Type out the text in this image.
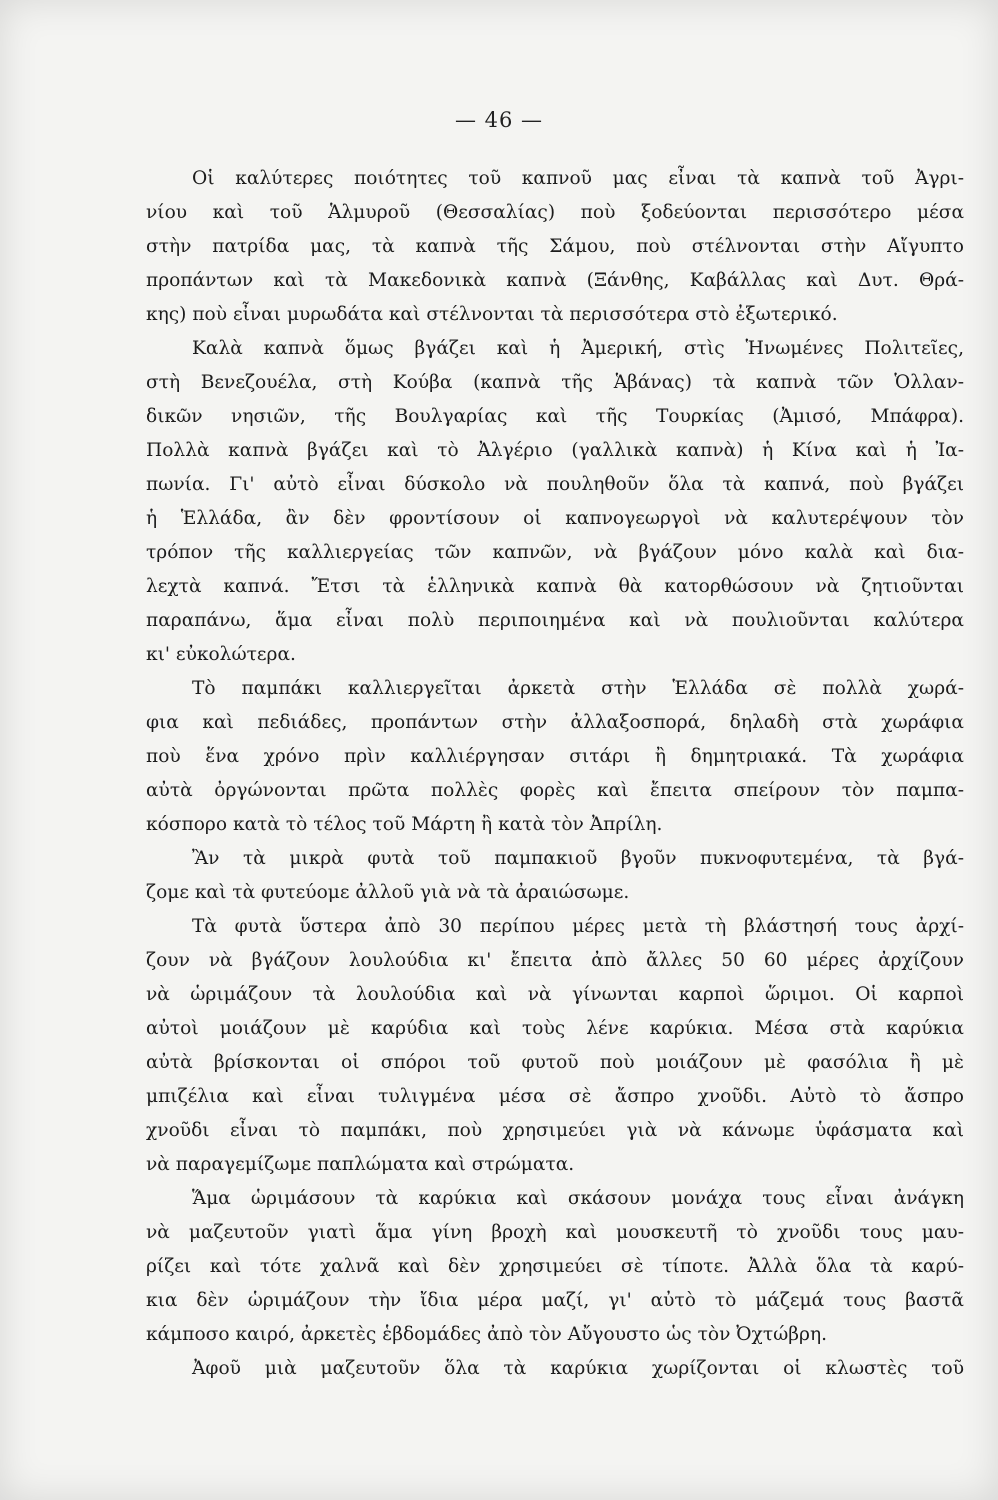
— 46 —
Οἱ καλύτερες ποιότητες τοῦ καπνοῦ μας εἶναι τὰ καπνὰ τοῦ Ἀγρι-
νίου καὶ τοῦ Ἁλμυροῦ (Θεσσαλίας) ποὺ ξοδεύονται περισσότερο μέσα
στὴν πατρίδα μας, τὰ καπνὰ τῆς Σάμου, ποὺ στέλνονται στὴν Αἴγυπτο
προπάντων καὶ τὰ Μακεδονικὰ καπνὰ (Ξάνθης, Καβάλλας καὶ Δυτ. Θρά-
κης) ποὺ εἶναι μυρωδάτα καὶ στέλνονται τὰ περισσότερα στὸ ἐξωτερικό.
Καλὰ καπνὰ ὅμως βγάζει καὶ ἡ Ἀμερική, στὶς Ἡνωμένες Πολιτεῖες,
στὴ Βενεζουέλα, στὴ Κούβα (καπνὰ τῆς Ἁβάνας) τὰ καπνὰ τῶν Ὁλλαν-
δικῶν νησιῶν, τῆς Βουλγαρίας καὶ τῆς Τουρκίας (Ἀμισό, Μπάφρα).
Πολλὰ καπνὰ βγάζει καὶ τὸ Ἀλγέριο (γαλλικὰ καπνὰ) ἡ Κίνα καὶ ἡ Ἰα-
πωνία. Γι' αὐτὸ εἶναι δύσκολο νὰ πουληθοῦν ὅλα τὰ καπνά, ποὺ βγάζει
ἡ Ἑλλάδα, ἂν δὲν φροντίσουν οἱ καπνογεωργοὶ νὰ καλυτερέψουν τὸν
τρόπον τῆς καλλιεργείας τῶν καπνῶν, νὰ βγάζουν μόνο καλὰ καὶ δια-
λεχτὰ καπνά. Ἔτσι τὰ ἑλληνικὰ καπνὰ θὰ κατορθώσουν νὰ ζητιοῦνται
παραπάνω, ἅμα εἶναι πολὺ περιποιημένα καὶ νὰ πουλιοῦνται καλύτερα
κι' εὐκολώτερα.
Τὸ παμπάκι καλλιεργεῖται ἀρκετὰ στὴν Ἑλλάδα σὲ πολλὰ χωρά-
φια καὶ πεδιάδες, προπάντων στὴν ἀλλαξοσπορά, δηλαδὴ στὰ χωράφια
ποὺ ἕνα χρόνο πρὶν καλλιέργησαν σιτάρι ἢ δημητριακά. Τὰ χωράφια
αὐτὰ ὀργώνονται πρῶτα πολλὲς φορὲς καὶ ἔπειτα σπείρουν τὸν παμπα-
κόσπορο κατὰ τὸ τέλος τοῦ Μάρτη ἢ κατὰ τὸν Ἀπρίλη.
Ἂν τὰ μικρὰ φυτὰ τοῦ παμπακιοῦ βγοῦν πυκνοφυτεμένα, τὰ βγά-
ζομε καὶ τὰ φυτεύομε ἀλλοῦ γιὰ νὰ τὰ ἀραιώσωμε.
Τὰ φυτὰ ὕστερα ἀπὸ 30 περίπου μέρες μετὰ τὴ βλάστησή τους ἀρχί-
ζουν νὰ βγάζουν λουλούδια κι' ἔπειτα ἀπὸ ἄλλες 50 60 μέρες ἀρχίζουν
νὰ ὡριμάζουν τὰ λουλούδια καὶ νὰ γίνωνται καρποὶ ὥριμοι. Οἱ καρποὶ
αὐτοὶ μοιάζουν μὲ καρύδια καὶ τοὺς λένε καρύκια. Μέσα στὰ καρύκια
αὐτὰ βρίσκονται οἱ σπόροι τοῦ φυτοῦ ποὺ μοιάζουν μὲ φασόλια ἢ μὲ
μπιζέλια καὶ εἶναι τυλιγμένα μέσα σὲ ἄσπρο χνοῦδι. Αὐτὸ τὸ ἄσπρο
χνοῦδι εἶναι τὸ παμπάκι, ποὺ χρησιμεύει γιὰ νὰ κάνωμε ὑφάσματα καὶ
νὰ παραγεμίζωμε παπλώματα καὶ στρώματα.
Ἅμα ὡριμάσουν τὰ καρύκια καὶ σκάσουν μονάχα τους εἶναι ἀνάγκη
νὰ μαζευτοῦν γιατὶ ἅμα γίνη βροχὴ καὶ μουσκευτῆ τὸ χνοῦδι τους μαυ-
ρίζει καὶ τότε χαλνᾶ καὶ δὲν χρησιμεύει σὲ τίποτε. Ἀλλὰ ὅλα τὰ καρύ-
κια δὲν ὡριμάζουν τὴν ἴδια μέρα μαζί, γι' αὐτὸ τὸ μάζεμά τους βαστᾶ
κάμποσο καιρό, ἀρκετὲς ἑβδομάδες ἀπὸ τὸν Αὔγουστο ὡς τὸν Ὀχτώβρη.
Ἀφοῦ μιὰ μαζευτοῦν ὅλα τὰ καρύκια χωρίζονται οἱ κλωστὲς τοῦ
